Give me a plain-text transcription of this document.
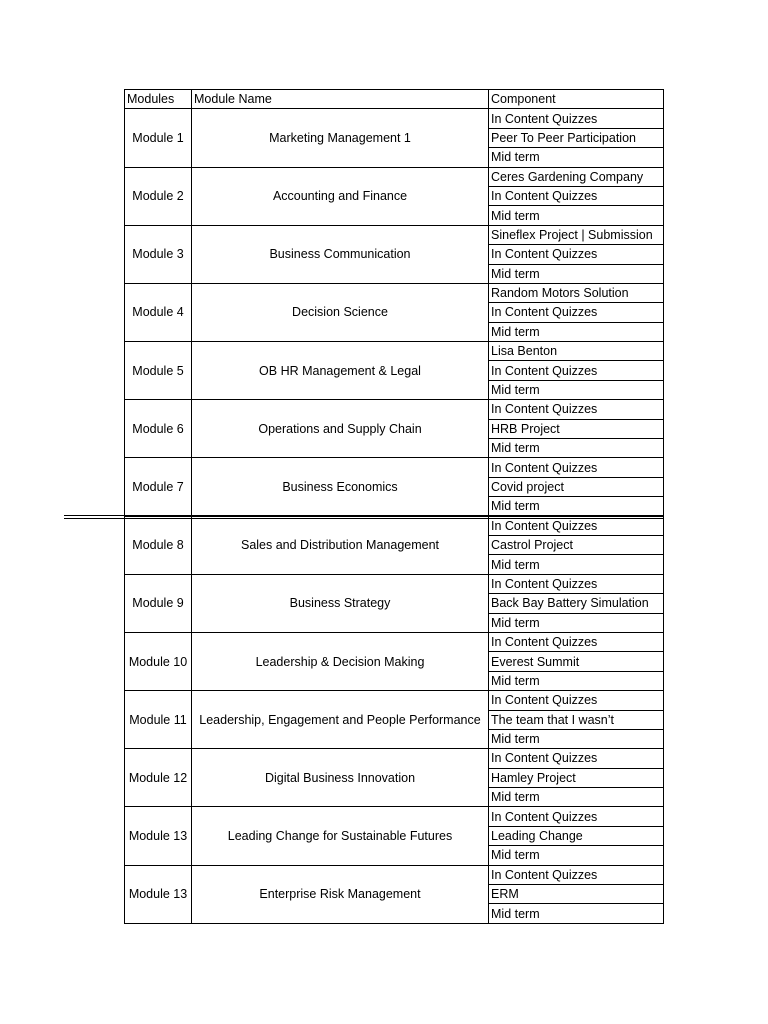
Modules	Module Name	Component
Module 1	Marketing Management 1	In Content Quizzes
		Peer To Peer Participation
		Mid term
Module 2	Accounting and Finance	Ceres Gardening Company
		In Content Quizzes
		Mid term
Module 3	Business Communication	Sineflex Project | Submission
		In Content Quizzes
		Mid term
Module 4	Decision Science	Random Motors Solution
		In Content Quizzes
		Mid term
Module 5	OB HR Management & Legal	Lisa Benton
		In Content Quizzes
		Mid term
Module 6	Operations and Supply Chain	In Content Quizzes
		HRB Project
		Mid term
Module 7	Business Economics	In Content Quizzes
		Covid project
		Mid term
Module 8	Sales and Distribution Management	In Content Quizzes
		Castrol Project
		Mid term
Module 9	Business Strategy	In Content Quizzes
		Back Bay Battery Simulation
		Mid term
Module 10	Leadership & Decision Making	In Content Quizzes
		Everest Summit
		Mid term
Module 11	Leadership, Engagement and People Performance	In Content Quizzes
		The team that I wasn’t
		Mid term
Module 12	Digital Business Innovation	In Content Quizzes
		Hamley Project
		Mid term
Module 13	Leading Change for Sustainable Futures	In Content Quizzes
		Leading Change
		Mid term
Module 13	Enterprise Risk Management	In Content Quizzes
		ERM
		Mid term
